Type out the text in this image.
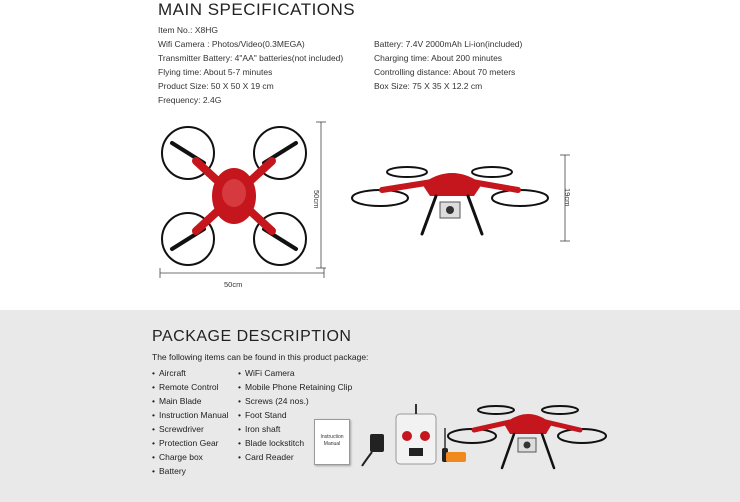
MAIN SPECIFICATIONS
Item No.: X8HG
Wifi Camera : Photos/Video(0.3MEGA)
Transmitter Battery: 4"AA" batteries(not included)
Flying time: About 5-7 minutes
Product Size: 50 X 50 X 19 cm
Frequency: 2.4G
Battery: 7.4V 2000mAh Li-ion(included)
Charging time: About 200 minutes
Controlling distance: About 70 meters
Box Size: 75 X 35 X 12.2 cm
50cm
50cm	19cm
PACKAGE DESCRIPTION
The following items can be found in this product package:
• Aircraft
• Remote Control
• Main Blade
• Instruction Manual
• Screwdriver
• Protection Gear
• Charge box
• Battery
• WiFi Camera
• Mobile Phone Retaining Clip
• Screws (24 nos.)
• Foot Stand
• Iron shaft
• Blade lockstitch
• Card Reader
Instruction Manual
